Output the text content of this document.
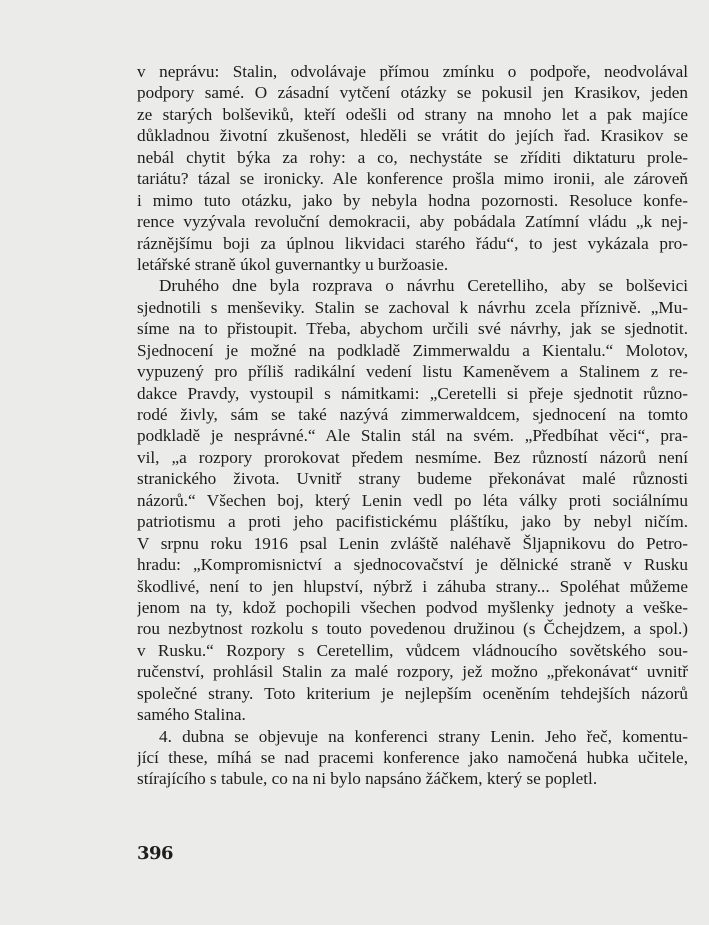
v neprávu: Stalin, odvolávaje přímou zmínku o podpoře, neodvolával
podpory samé. O zásadní vytčení otázky se pokusil jen Krasikov, jeden
ze starých bolševiků, kteří odešli od strany na mnoho let a pak majíce
důkladnou životní zkušenost, hleděli se vrátit do jejích řad. Krasikov se
nebál chytit býka za rohy: a co, nechystáte se zříditi diktaturu prole-
tariátu? tázal se ironicky. Ale konference prošla mimo ironii, ale zároveň
i mimo tuto otázku, jako by nebyla hodna pozornosti. Resoluce konfe-
rence vyzývala revoluční demokracii, aby pobádala Zatímní vládu „k nej-
ráznějšímu boji za úplnou likvidaci starého řádu“, to jest vykázala pro-
letářské straně úkol guvernantky u buržoasie.
Druhého dne byla rozprava o návrhu Ceretelliho, aby se bolševici
sjednotili s menševiky. Stalin se zachoval k návrhu zcela příznivě. „Mu-
síme na to přistoupit. Třeba, abychom určili své návrhy, jak se sjednotit.
Sjednocení je možné na podkladě Zimmerwaldu a Kientalu.“ Molotov,
vypuzený pro příliš radikální vedení listu Kameněvem a Stalinem z re-
dakce Pravdy, vystoupil s námitkami: „Ceretelli si přeje sjednotit různo-
rodé živly, sám se také nazývá zimmerwaldcem, sjednocení na tomto
podkladě je nesprávné.“ Ale Stalin stál na svém. „Předbíhat věci“, pra-
vil, „a rozpory prorokovat předem nesmíme. Bez růzností názorů není
stranického života. Uvnitř strany budeme překonávat malé různosti
názorů.“ Všechen boj, který Lenin vedl po léta války proti sociálnímu
patriotismu a proti jeho pacifistickému pláštíku, jako by nebyl ničím.
V srpnu roku 1916 psal Lenin zvláště naléhavě Šljapnikovu do Petro-
hradu: „Kompromisnictví a sjednocovačství je dělnické straně v Rusku
škodlivé, není to jen hlupství, nýbrž i záhuba strany... Spoléhat můžeme
jenom na ty, kdož pochopili všechen podvod myšlenky jednoty a veške-
rou nezbytnost rozkolu s touto povedenou družinou (s Čchejdzem, a spol.)
v Rusku.“ Rozpory s Ceretellim, vůdcem vládnoucího sovětského sou-
ručenství, prohlásil Stalin za malé rozpory, jež možno „překonávat“ uvnitř
společné strany. Toto kriterium je nejlepším oceněním tehdejších názorů
samého Stalina.
4. dubna se objevuje na konferenci strany Lenin. Jeho řeč, komentu-
jící these, míhá se nad pracemi konference jako namočená hubka učitele,
stírajícího s tabule, co na ni bylo napsáno žáčkem, který se popletl.
396
